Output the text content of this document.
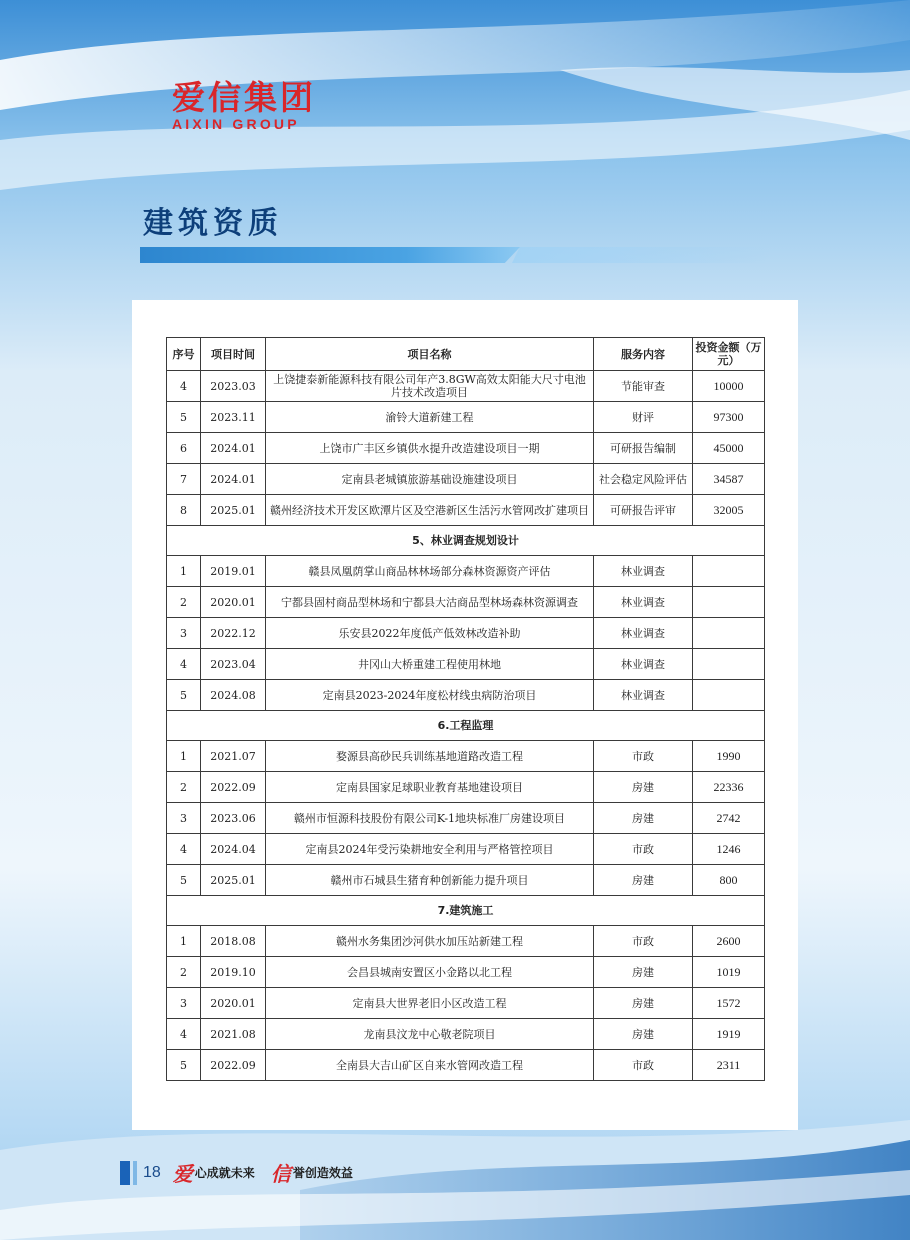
爱信集团
AIXIN GROUP
建筑资质
序号	项目时间	项目名称	服务内容	投资金额（万元）
4	2023.03	上饶捷泰新能源科技有限公司年产3.8GW高效太阳能大尺寸电池片技术改造项目	节能审查	10000
5	2023.11	渝铃大道新建工程	财评	97300
6	2024.01	上饶市广丰区乡镇供水提升改造建设项目一期	可研报告编制	45000
7	2024.01	定南县老城镇旅游基础设施建设项目	社会稳定风险评估	34587
8	2025.01	赣州经济技术开发区欧潭片区及空港新区生活污水管网改扩建项目	可研报告评审	32005
5、林业调查规划设计				
1	2019.01	赣县凤凰荫掌山商品林林场部分森林资源资产评估	林业调查	
2	2020.01	宁都县固村商品型林场和宁都县大沽商品型林场森林资源调查	林业调查	
3	2022.12	乐安县2022年度低产低效林改造补助	林业调查	
4	2023.04	井冈山大桥重建工程使用林地	林业调查	
5	2024.08	定南县2023-2024年度松材线虫病防治项目	林业调查	
6.工程监理				
1	2021.07	婺源县高砂民兵训练基地道路改造工程	市政	1990
2	2022.09	定南县国家足球职业教育基地建设项目	房建	22336
3	2023.06	赣州市恒源科技股份有限公司K-1地块标准厂房建设项目	房建	2742
4	2024.04	定南县2024年受污染耕地安全利用与严格管控项目	市政	1246
5	2025.01	赣州市石城县生猪育种创新能力提升项目	房建	800
7.建筑施工				
1	2018.08	赣州水务集团沙河供水加压站新建工程	市政	2600
2	2019.10	会昌县城南安置区小金路以北工程	房建	1019
3	2020.01	定南县大世界老旧小区改造工程	房建	1572
4	2021.08	龙南县汶龙中心敬老院项目	房建	1919
5	2022.09	全南县大吉山矿区自来水管网改造工程	市政	2311
18 爱 心成就未来 信 誉创造效益
